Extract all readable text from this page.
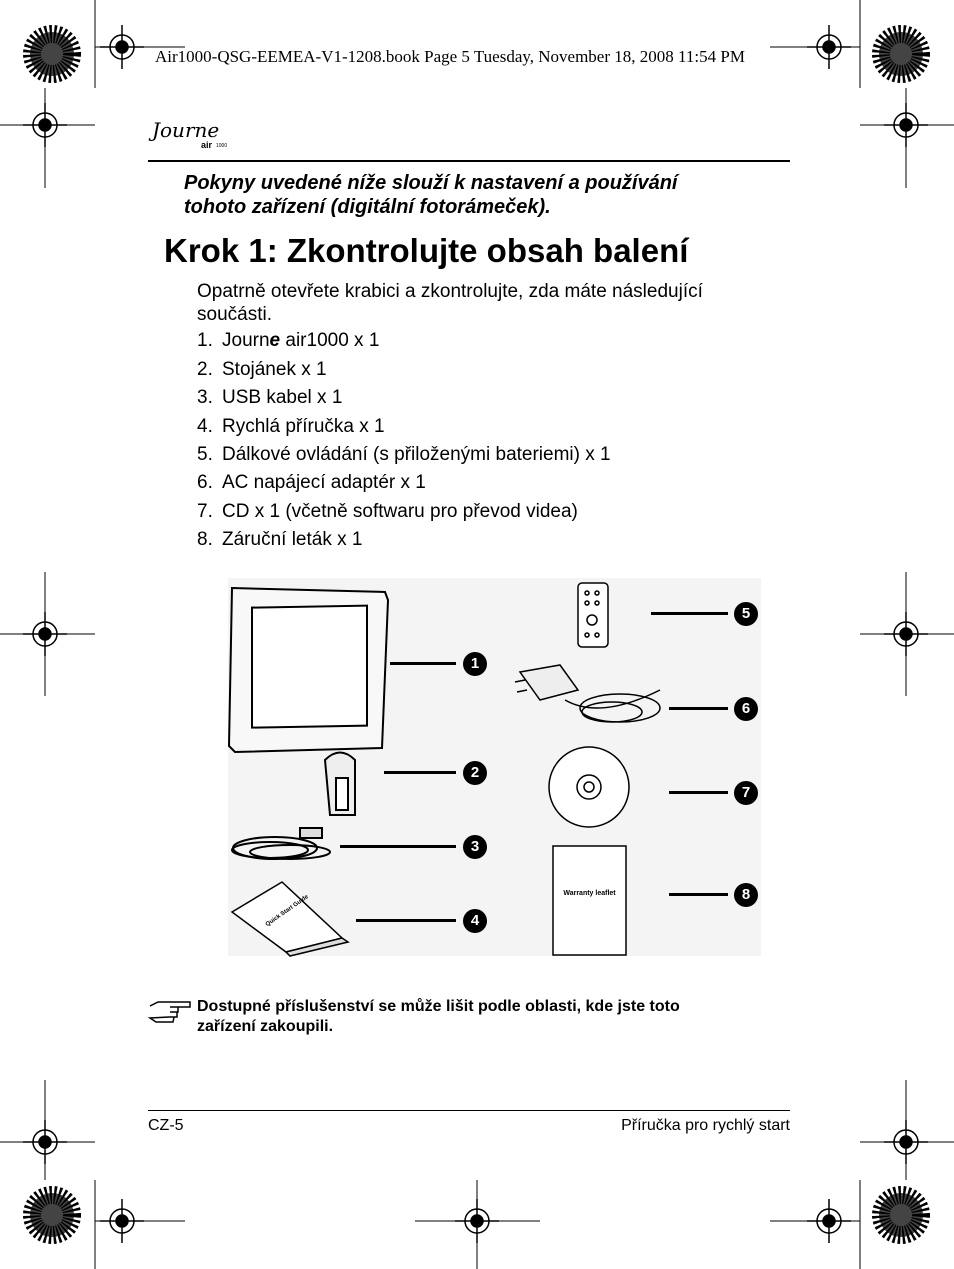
Air1000-QSG-EEMEA-V1-1208.book Page 5 Tuesday, November 18, 2008 11:54 PM
Journe
air 1000
Pokyny uvedené níže slouží k nastavení a používání
tohoto zařízení (digitální fotorámeček).
Krok 1: Zkontrolujte obsah balení
Opatrně otevřete krabici a zkontrolujte, zda máte následující
součásti.
1. Journe air1000 x 1
2. Stojánek x 1
3. USB kabel x 1
4. Rychlá příručka x 1
5. Dálkové ovládání (s přiloženými bateriemi) x 1
6. AC napájecí adaptér x 1
7. CD x 1 (včetně softwaru pro převod videa)
8. Záruční leták x 1
Warranty leaflet
Quick Start Guide
1
2
3
4
5
6
7
8
Dostupné příslušenství se může lišit podle oblasti, kde jste toto
zařízení zakoupili.
CZ-5	Příručka pro rychlý start
